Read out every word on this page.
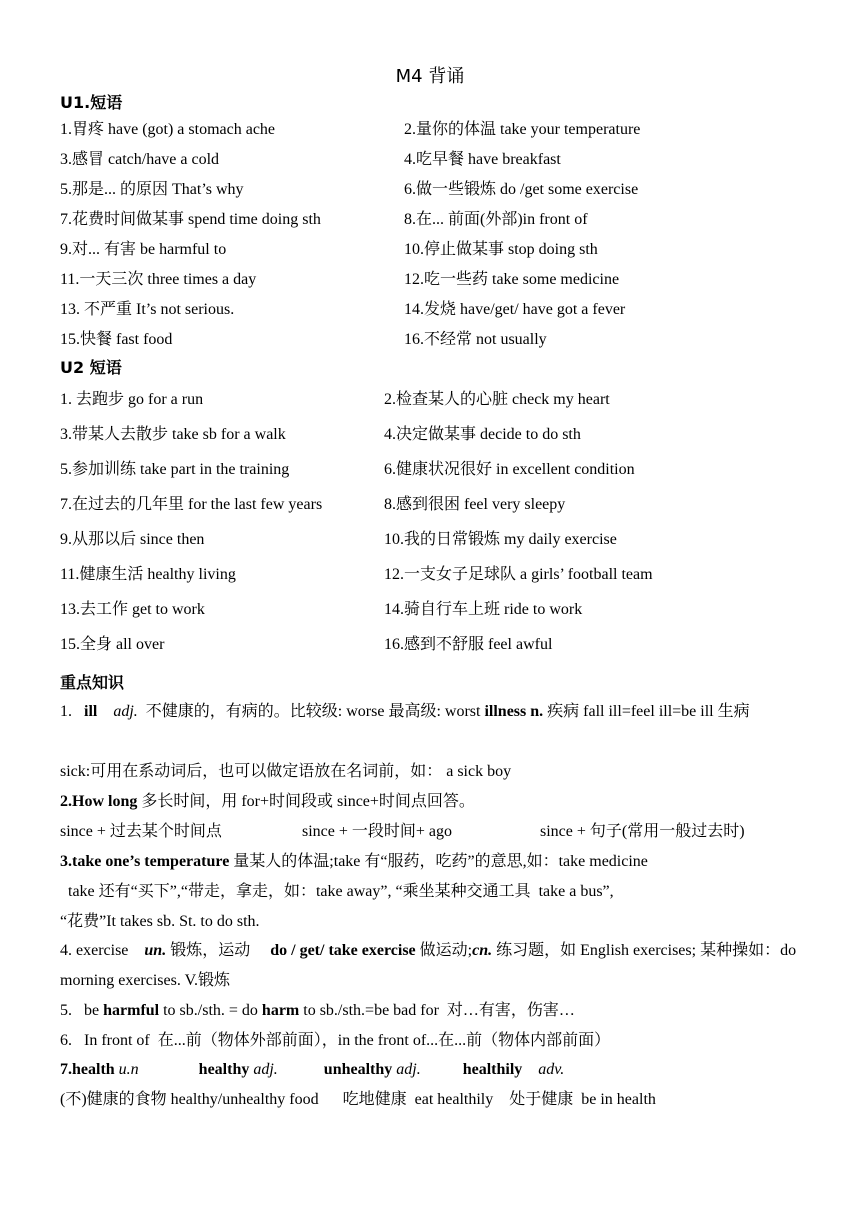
M4 背诵
U1.短语
1.胃疼 have (got) a stomach ache	2.量你的体温 take your temperature
3.感冒 catch/have a cold	4.吃早餐 have breakfast
5.那是... 的原因 That’s why	6.做一些锻炼 do /get some exercise
7.花费时间做某事 spend time doing sth	8.在... 前面(外部)in front of
9.对... 有害 be harmful to	10.停止做某事 stop doing sth
11.一天三次 three times a day	12.吃一些药 take some medicine
13. 不严重 It’s not serious.	14.发烧 have/get/ have got a fever
15.快餐 fast food	16.不经常 not usually
U2 短语
1. 去跑步 go for a run	2.检查某人的心脏 check my heart
3.带某人去散步 take sb for a walk	4.决定做某事 decide to do sth
5.参加训练 take part in the training	6.健康状况很好 in excellent condition
7.在过去的几年里 for the last few years	8.感到很困 feel very sleepy
9.从那以后 since then	10.我的日常锻炼 my daily exercise
11.健康生活 healthy living	12.一支女子足球队 a girls’ football team
13.去工作 get to work	14.骑自行车上班 ride to work
15.全身 all over	16.感到不舒服 feel awful
重点知识
1. ill adj. 不健康的，有病的。比较级: worse 最高级: worst illness n. 疾病 fall ill=feel ill=be ill 生病
sick:可用在系动词后，也可以做定语放在名词前，如： a sick boy
2.How long 多长时间，用 for+时间段或 since+时间点回答。
since + 过去某个时间点	since + 一段时间+ ago	since + 句子(常用一般过去时)
3.take one’s temperature 量某人的体温;take 有“服药，吃药”的意思,如：take medicine
take 还有“买下”,“带走，拿走，如：take away”, “乘坐某种交通工具  take a bus”,
“花费”It takes sb. St. to do sth.
4. exercise un. 锻炼，运动     do / get/ take exercise 做运动;cn. 练习题，如 English exercises; 某种操如：do morning exercises. V.锻炼
5.   be harmful to sb./sth. = do harm to sb./sth.=be bad for  对…有害，伤害…
6.   In front of  在...前（物体外部前面），in the front of...在...前（物体内部前面）
7.health u.n	healthy adj.	unhealthy adj.	healthily adv.
(不)健康的食物 healthy/unhealthy food      吃地健康  eat healthily    处于健康  be in health
